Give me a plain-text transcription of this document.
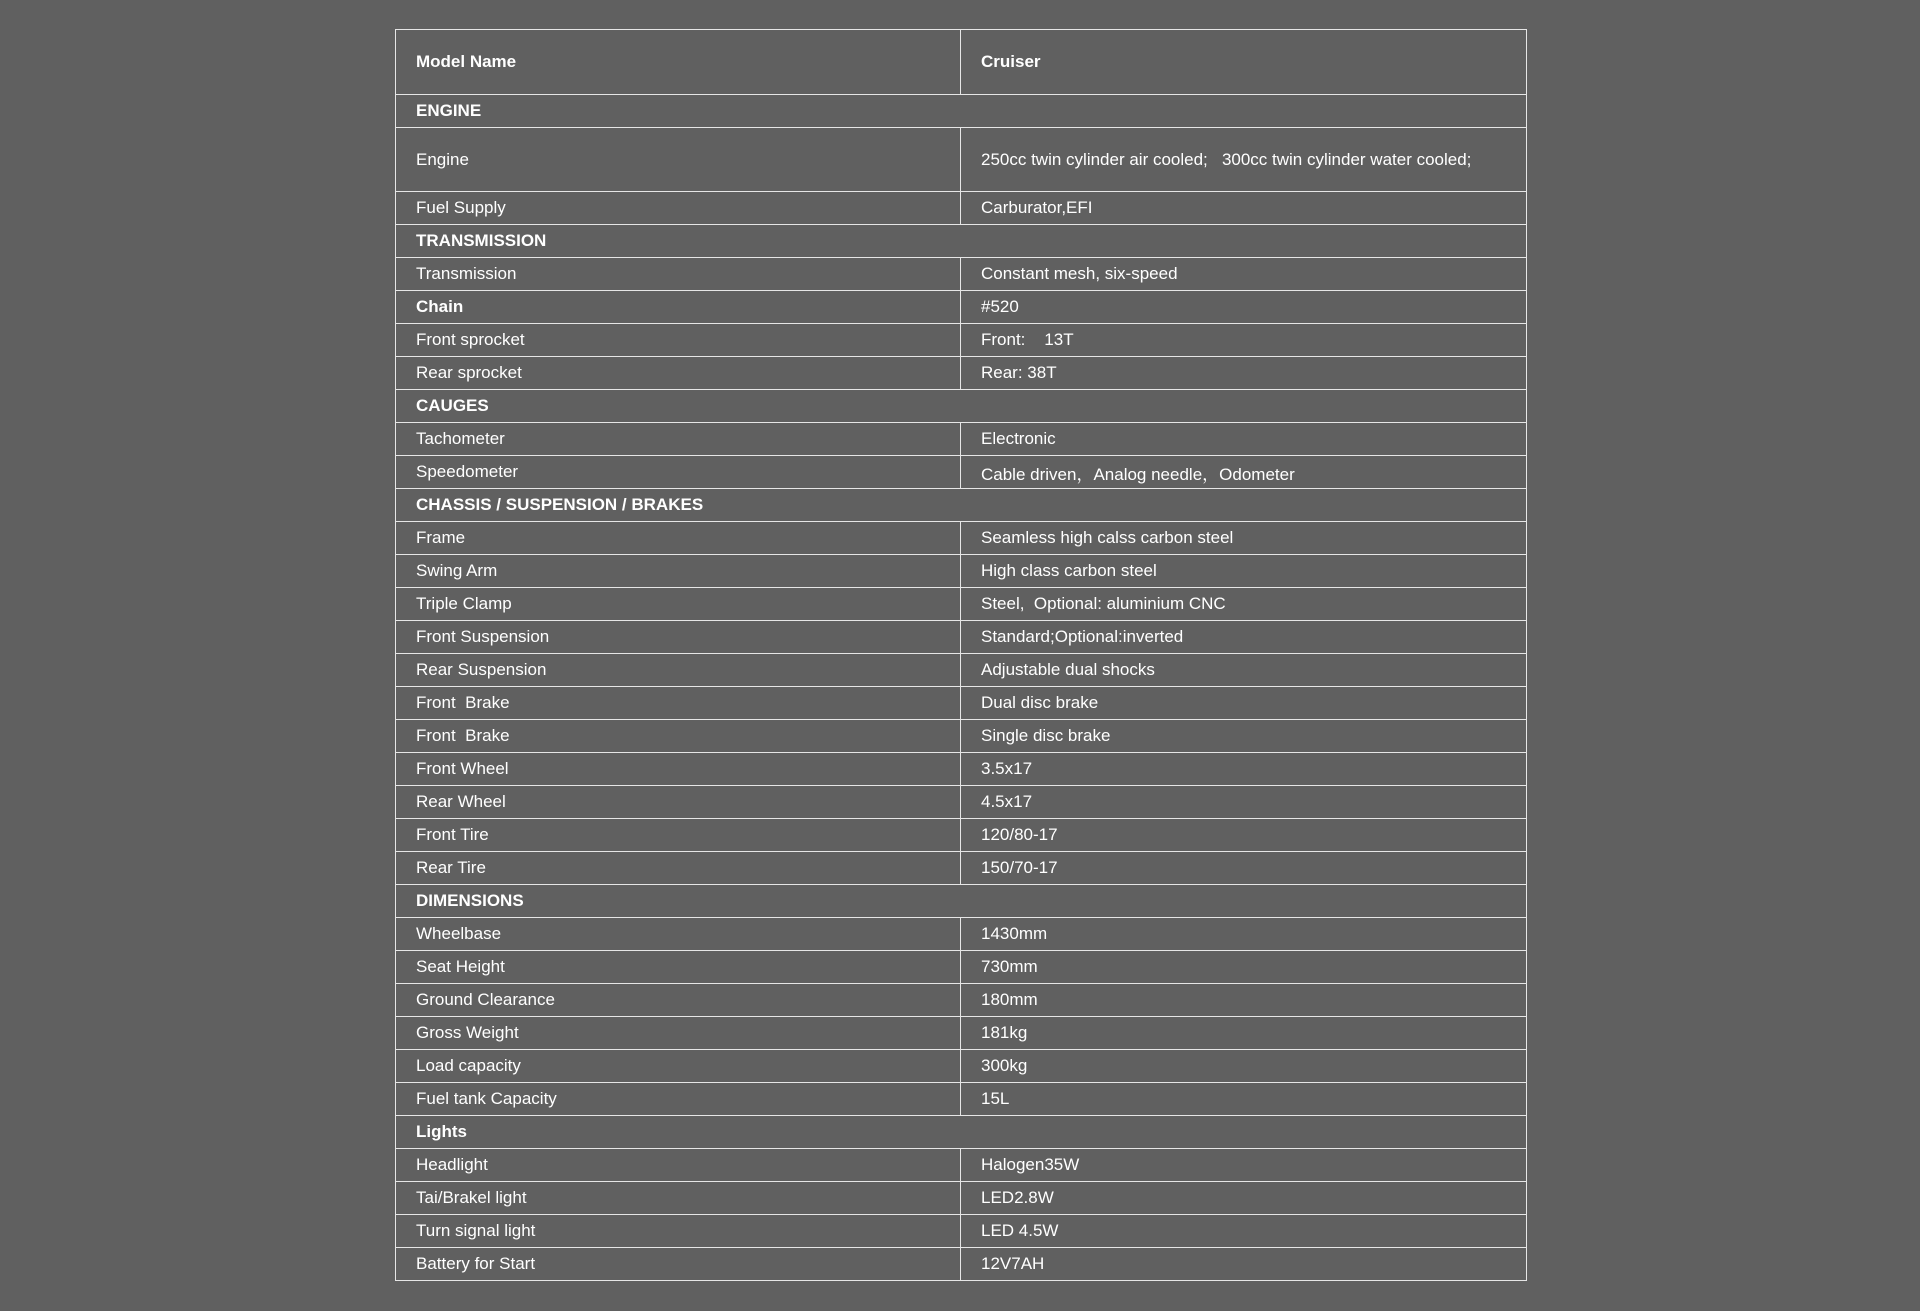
Model Name	Cruiser
ENGINE	
Engine	250cc twin cylinder air cooled;   300cc twin cylinder water cooled;
Fuel Supply	Carburator,EFI
TRANSMISSION	
Transmission	Constant mesh, six-speed
Chain	#520
Front sprocket	Front:    13T
Rear sprocket	Rear: 38T
CAUGES	
Tachometer	Electronic
Speedometer	Cable driven，Analog needle，Odometer
CHASSIS / SUSPENSION / BRAKES	
Frame	Seamless high calss carbon steel
Swing Arm	High class carbon steel
Triple Clamp	Steel,  Optional: aluminium CNC
Front Suspension	Standard;Optional:inverted
Rear Suspension	Adjustable dual shocks
Front  Brake	Dual disc brake
Front  Brake	Single disc brake
Front Wheel	3.5x17
Rear Wheel	4.5x17
Front Tire	120/80-17
Rear Tire	150/70-17
DIMENSIONS	
Wheelbase	1430mm
Seat Height	730mm
Ground Clearance	180mm
Gross Weight	181kg
Load capacity	300kg
Fuel tank Capacity	15L
Lights	
Headlight	Halogen35W
Tai/Brakel light	LED2.8W
Turn signal light	LED 4.5W
Battery for Start	12V7AH
